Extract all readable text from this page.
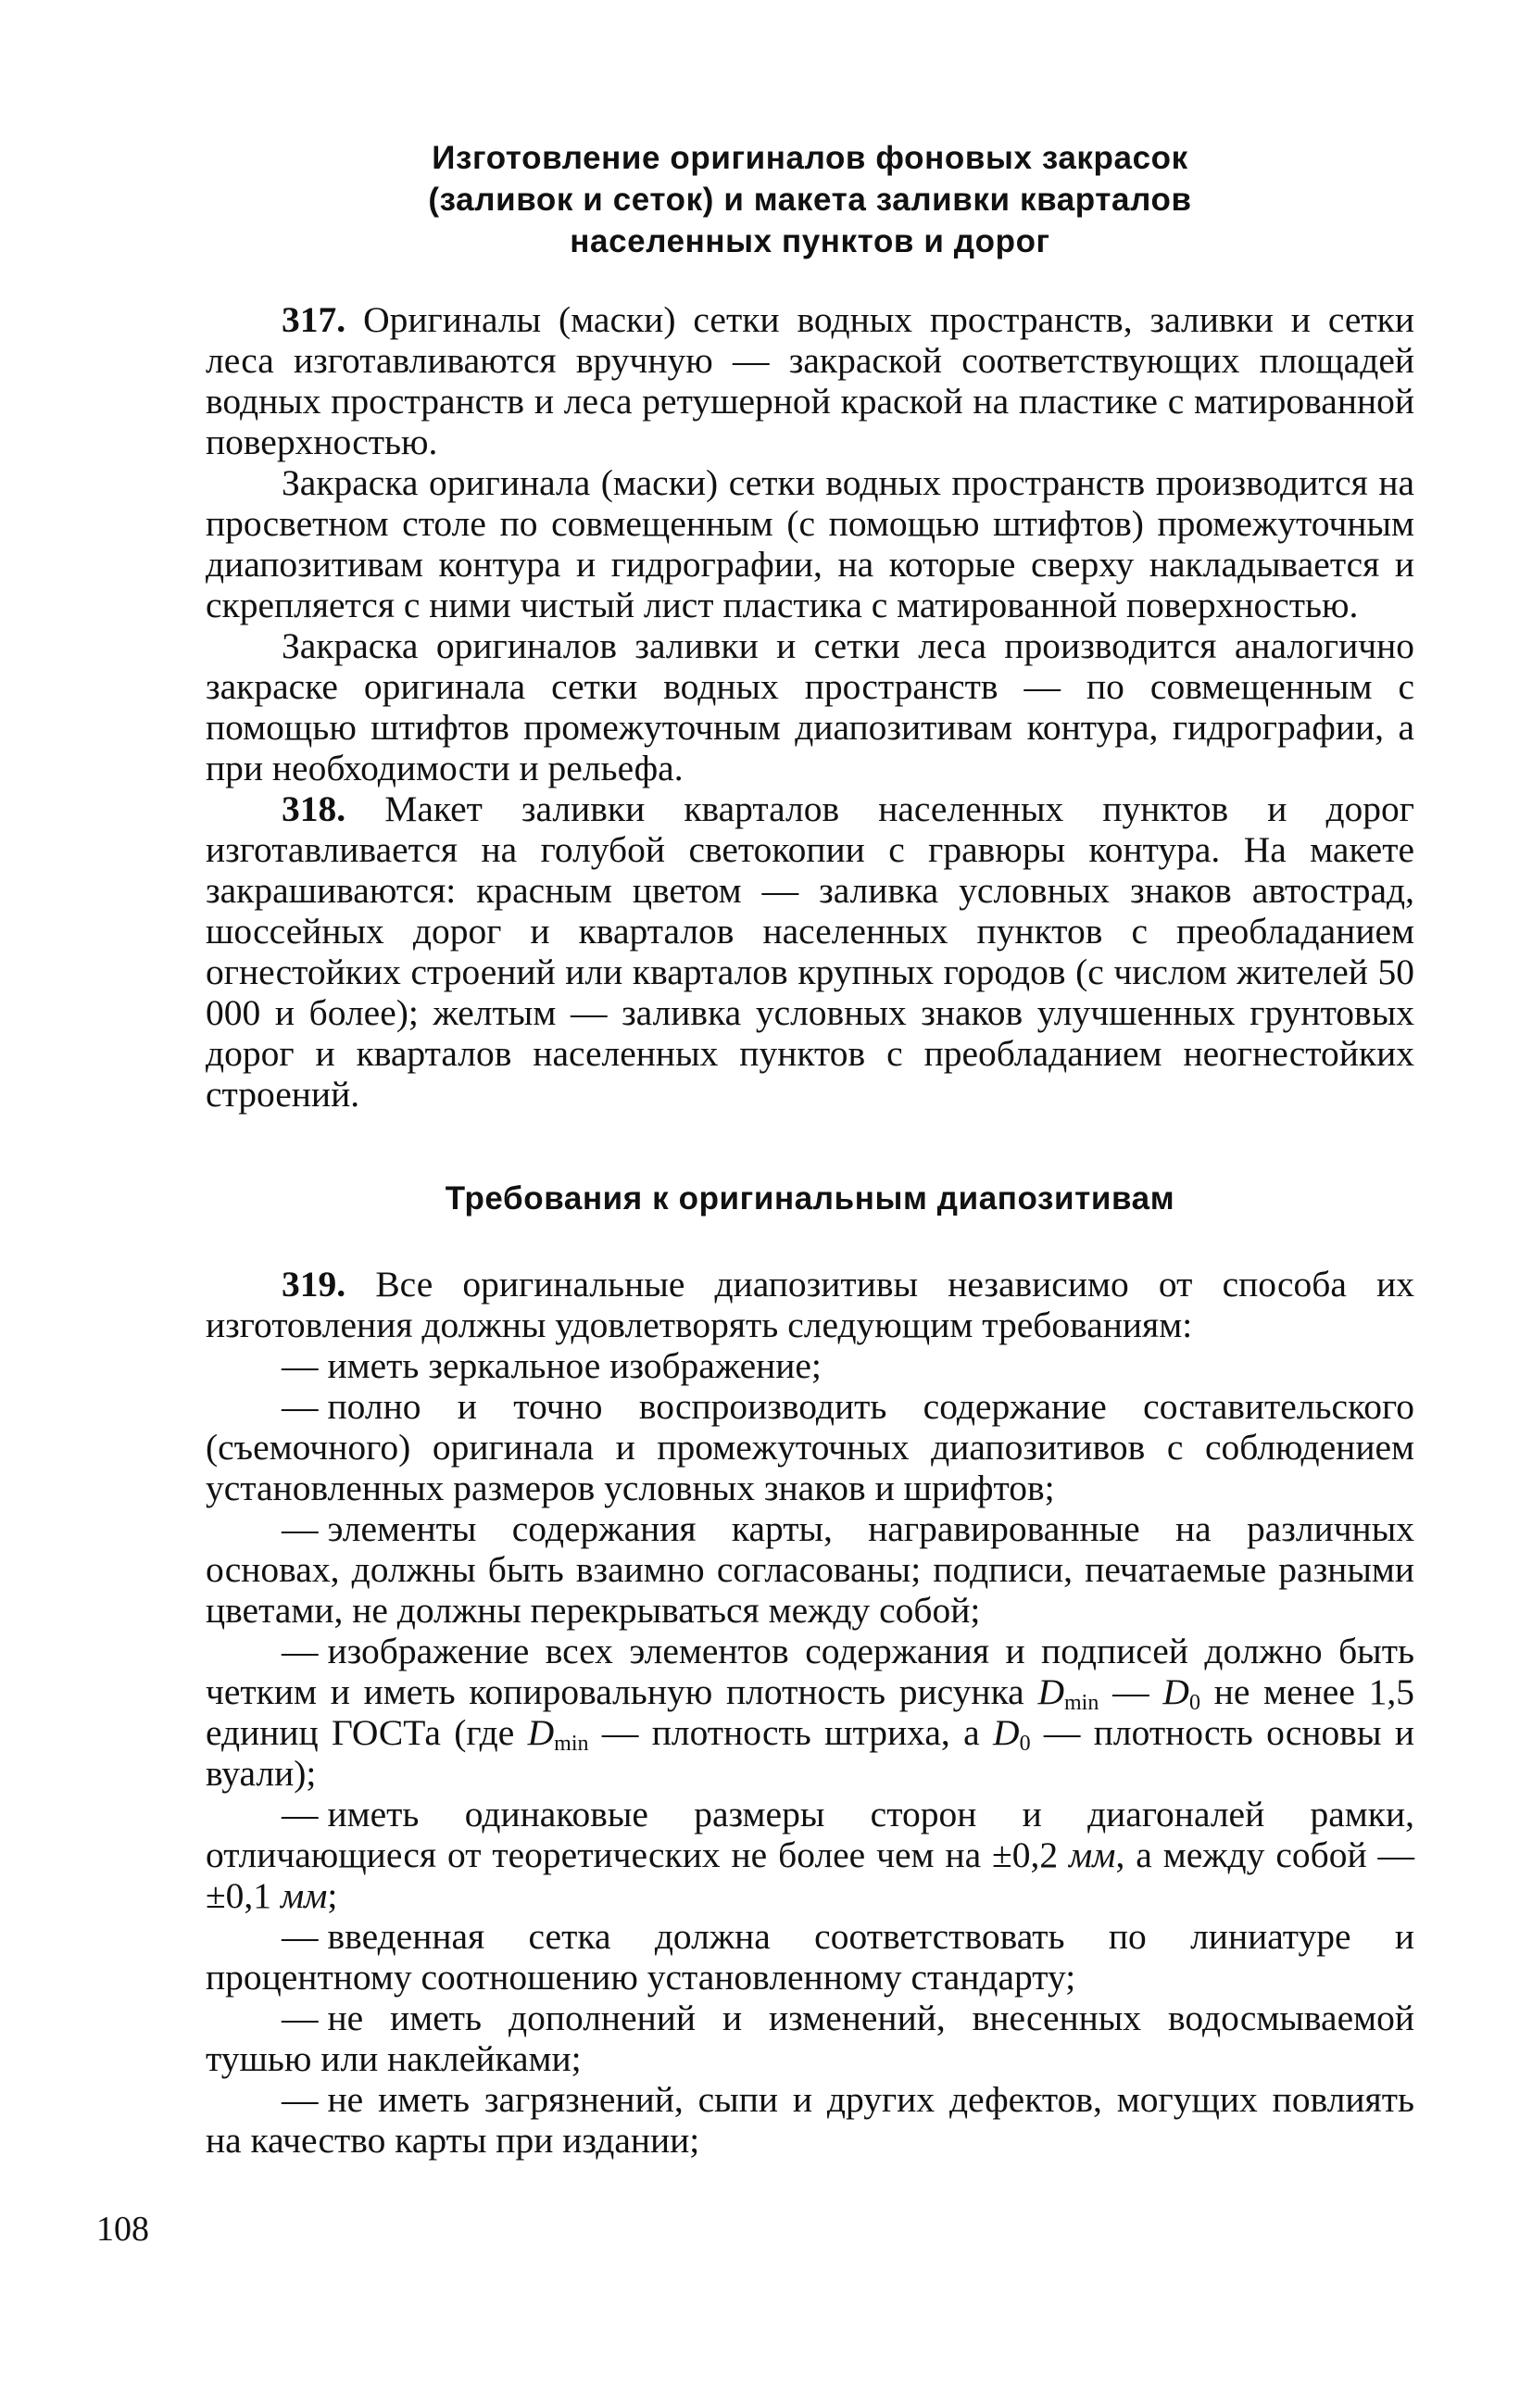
Изготовление оригиналов фоновых закрасок
(заливок и сеток) и макета заливки кварталов
населенных пунктов и дорог

317. Оригиналы (маски) сетки водных пространств, заливки и сетки леса изготавливаются вручную — закраской соответствующих площадей водных пространств и леса ретушерной краской на пластике с матированной поверхностью.

Закраска оригинала (маски) сетки водных пространств производится на просветном столе по совмещенным (с помощью штифтов) промежуточным диапозитивам контура и гидрографии, на которые сверху накладывается и скрепляется с ними чистый лист пластика с матированной поверхностью.

Закраска оригиналов заливки и сетки леса производится аналогично закраске оригинала сетки водных пространств — по совмещенным с помощью штифтов промежуточным диапозитивам контура, гидрографии, а при необходимости и рельефа.

318. Макет заливки кварталов населенных пунктов и дорог изготавливается на голубой светокопии с гравюры контура. На макете закрашиваются: красным цветом — заливка условных знаков автострад, шоссейных дорог и кварталов населенных пунктов с преобладанием огнестойких строений или кварталов крупных городов (с числом жителей 50 000 и более); желтым — заливка условных знаков улучшенных грунтовых дорог и кварталов населенных пунктов с преобладанием неогнестойких строений.

Требования к оригинальным диапозитивам

319. Все оригинальные диапозитивы независимо от способа их изготовления должны удовлетворять следующим требованиям:

— иметь зеркальное изображение;

— полно и точно воспроизводить содержание составительского (съемочного) оригинала и промежуточных диапозитивов с соблюдением установленных размеров условных знаков и шрифтов;

— элементы содержания карты, награвированные на различных основах, должны быть взаимно согласованы; подписи, печатаемые разными цветами, не должны перекрываться между собой;

— изображение всех элементов содержания и подписей должно быть четким и иметь копировальную плотность рисунка $D_{min}$ — $D_0$ не менее 1,5 единиц ГОСТа (где $D_{min}$ — плотность штриха, а $D_0$ — плотность основы и вуали);

— иметь одинаковые размеры сторон и диагоналей рамки, отличающиеся от теоретических не более чем на ±0,2 мм, а между собой — ±0,1 мм;

— введенная сетка должна соответствовать по линиатуре и процентному соотношению установленному стандарту;

— не иметь дополнений и изменений, внесенных водосмываемой тушью или наклейками;

— не иметь загрязнений, сыпи и других дефектов, могущих повлиять на качество карты при издании;

108
